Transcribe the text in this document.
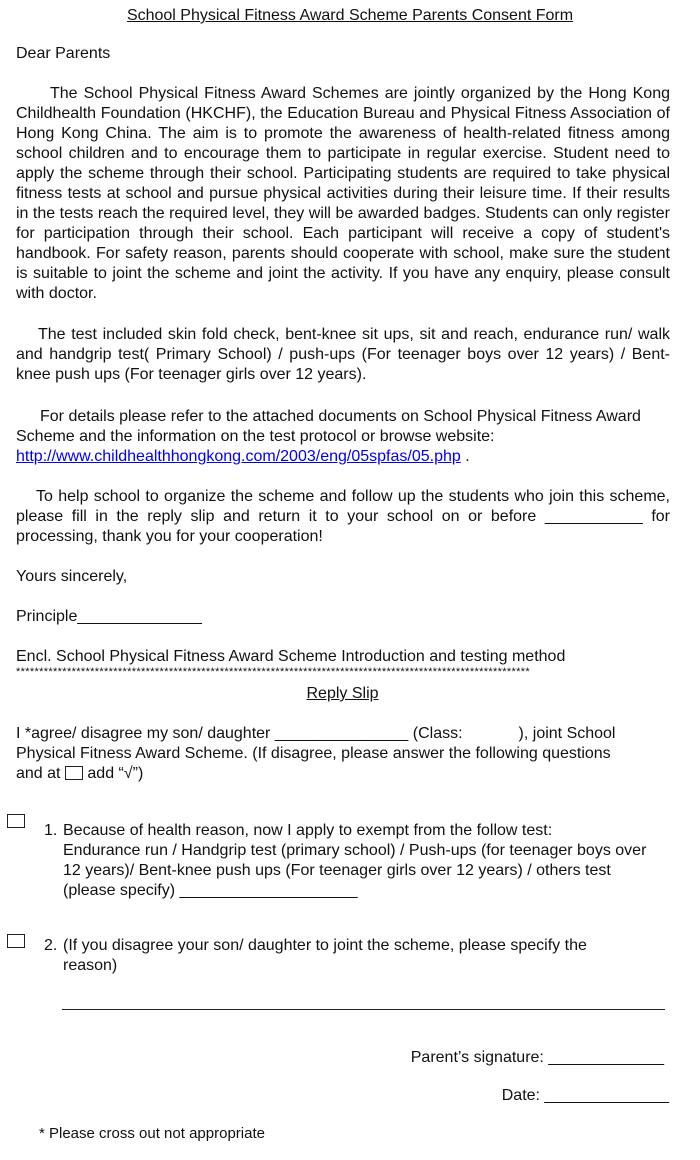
School Physical Fitness Award Scheme Parents Consent Form
Dear Parents
The School Physical Fitness Award Schemes are jointly organized by the Hong Kong Childhealth Foundation (HKCHF), the Education Bureau and Physical Fitness Association of Hong Kong China. The aim is to promote the awareness of health-related fitness among school children and to encourage them to participate in regular exercise. Student need to apply the scheme through their school. Participating students are required to take physical fitness tests at school and pursue physical activities during their leisure time. If their results in the tests reach the required level, they will be awarded badges. Students can only register for participation through their school. Each participant will receive a copy of student's handbook. For safety reason, parents should cooperate with school, make sure the student is suitable to joint the scheme and joint the activity. If you have any enquiry, please consult with doctor.
The test included skin fold check, bent-knee sit ups, sit and reach, endurance run/ walk and handgrip test( Primary School) / push-ups (For teenager boys over 12 years) / Bent-knee push ups (For teenager girls over 12 years).
For details please refer to the attached documents on School Physical Fitness Award Scheme and the information on the test protocol or browse website: http://www.childhealthhongkong.com/2003/eng/05spfas/05.php .
To help school to organize the scheme and follow up the students who join this scheme, please fill in the reply slip and return it to your school on or before ___________ for processing, thank you for your cooperation!
Yours sincerely,
Principle______________
Encl. School Physical Fitness Award Scheme Introduction and testing method
***************************************************************************************************************
Reply Slip
I *agree/ disagree my son/ daughter _______________ (Class:	), joint School
Physical Fitness Award Scheme. (If disagree, please answer the following questions
and at add “√”)
1. Because of health reason, now I apply to exempt from the follow test:
Endurance run / Handgrip test (primary school) / Push-ups (for teenager boys over 12 years)/ Bent-knee push ups (For teenager girls over 12 years) / others test (please specify) ____________________
2. (If you disagree your son/ daughter to joint the scheme, please specify the
reason)
Parent’s signature: _____________
Date: ______________
* Please cross out not appropriate
